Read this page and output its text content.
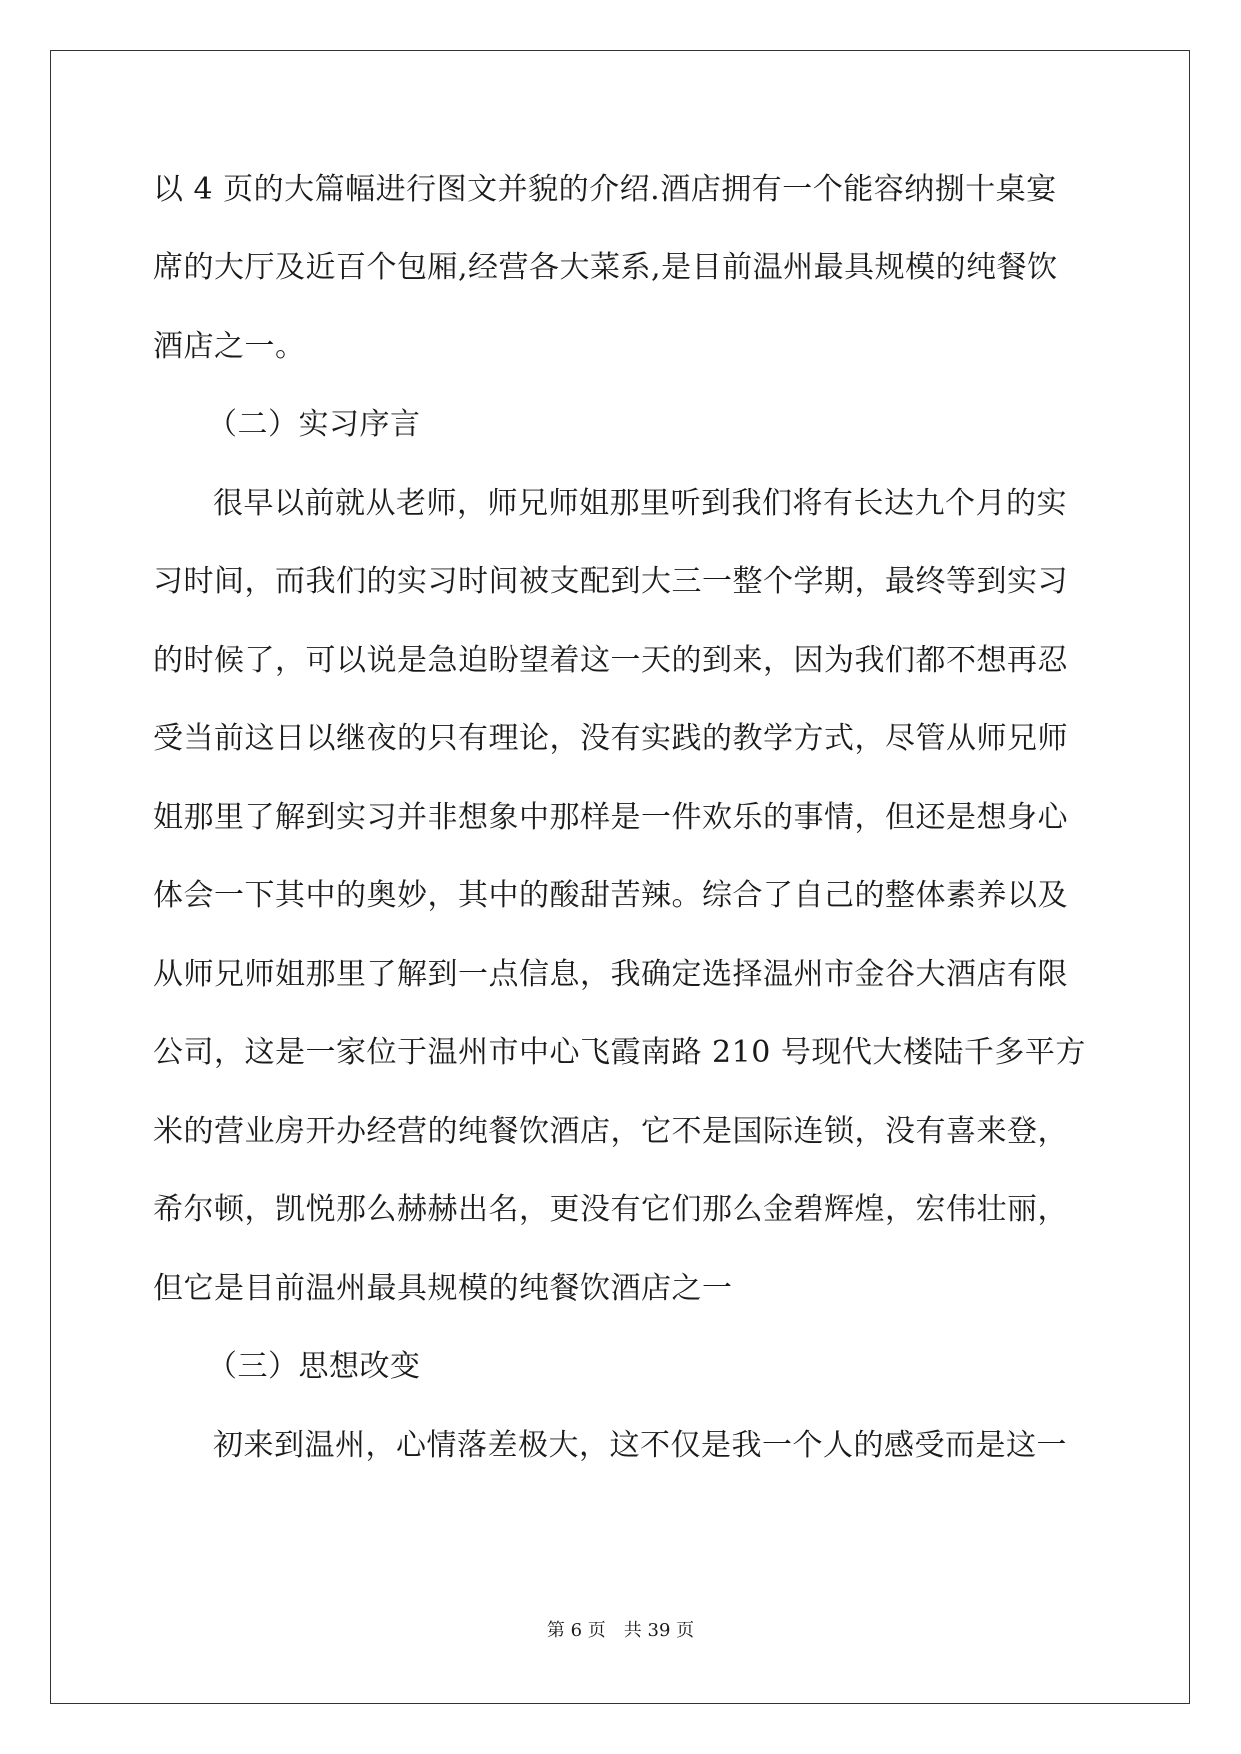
以 4 页的大篇幅进行图文并貌的介绍.酒店拥有一个能容纳捌十桌宴
席的大厅及近百个包厢,经营各大菜系,是目前温州最具规模的纯餐饮
酒店之一。
（二）实习序言
很早以前就从老师，师兄师姐那里听到我们将有长达九个月的实
习时间，而我们的实习时间被支配到大三一整个学期，最终等到实习
的时候了，可以说是急迫盼望着这一天的到来，因为我们都不想再忍
受当前这日以继夜的只有理论，没有实践的教学方式，尽管从师兄师
姐那里了解到实习并非想象中那样是一件欢乐的事情，但还是想身心
体会一下其中的奥妙，其中的酸甜苦辣。综合了自己的整体素养以及
从师兄师姐那里了解到一点信息，我确定选择温州市金谷大酒店有限
公司，这是一家位于温州市中心飞霞南路 210 号现代大楼陆千多平方
米的营业房开办经营的纯餐饮酒店，它不是国际连锁，没有喜来登，
希尔顿，凯悦那么赫赫出名，更没有它们那么金碧辉煌，宏伟壮丽，
但它是目前温州最具规模的纯餐饮酒店之一
（三）思想改变
初来到温州，心情落差极大，这不仅是我一个人的感受而是这一
第 6 页　共 39 页
